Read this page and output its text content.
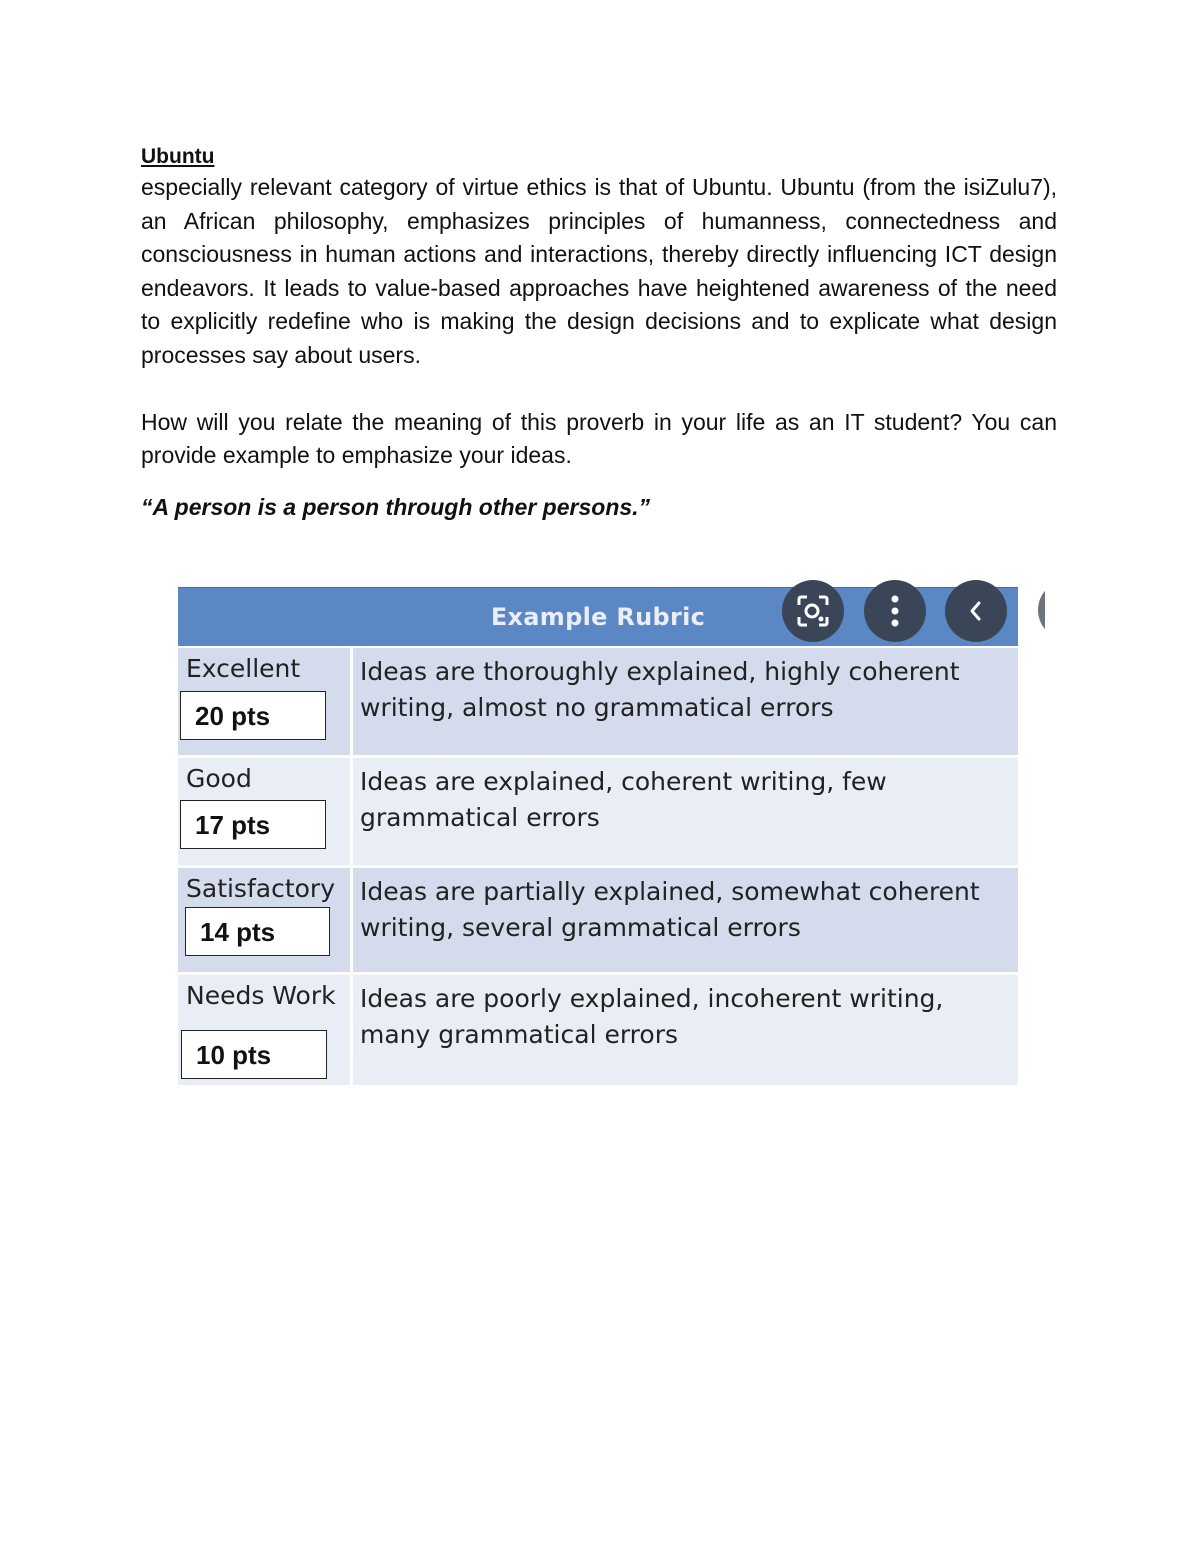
Ubuntu

especially relevant category of virtue ethics is that of Ubuntu. Ubuntu (from the isiZulu7), an African philosophy, emphasizes principles of humanness, connectedness and consciousness in human actions and interactions, thereby directly influencing ICT design endeavors. It leads to value-based approaches have heightened awareness of the need to explicitly redefine who is making the design decisions and to explicate what design processes say about users.

How will you relate the meaning of this proverb in your life as an IT student? You can provide example to emphasize your ideas.

“A person is a person through other persons.”

Example Rubric
Excellent Ideas are thoroughly explained, highly coherent writing, almost no grammatical errors
20 pts
Good	Ideas are explained, coherent writing, few grammatical errors
17 pts
Satisfactory Ideas are partially explained, somewhat coherent writing, several grammatical errors
14 pts
Needs Work Ideas are poorly explained, incoherent writing, many grammatical errors
10 pts
